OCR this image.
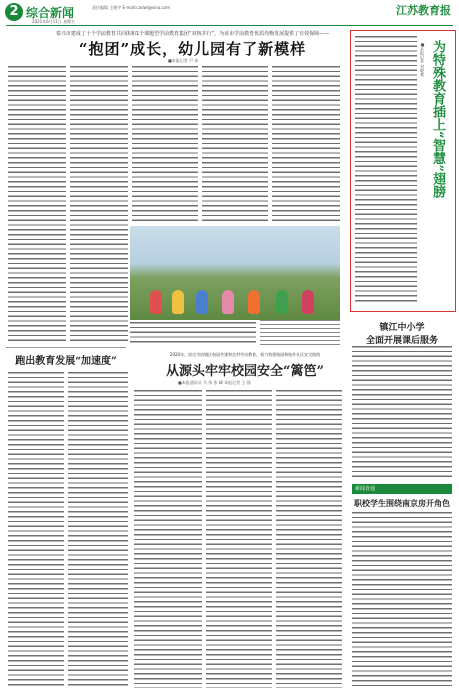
2 综合新闻	责任编辑 王晓宇 E-mail:cadwl@sina.com
2021年6月11日 星期五
江苏教育报
泰兴市建成了十个学前教育共同体和1个课题型学前教育集团“双核并行”，为该市学前教育优质均衡发展提供了有效保障——
“抱团”成长，幼儿园有了新模样
■本报记者 尹 冰
跑出教育发展“加速度”
2020年，宿迁市宿城区校园共建和农村劳动教育，着力构建校园和校外社区安全防线
从源头牢牢校园安全“篱笆”
■本报通讯员 马 伟 张 峰 本报记者 王 强
为特殊教育插上“智慧”翅膀
■本报记者 刘晓黎
镇江中小学
全面开展课后服务
新闻直通
职校学生围绕南京房开角色
